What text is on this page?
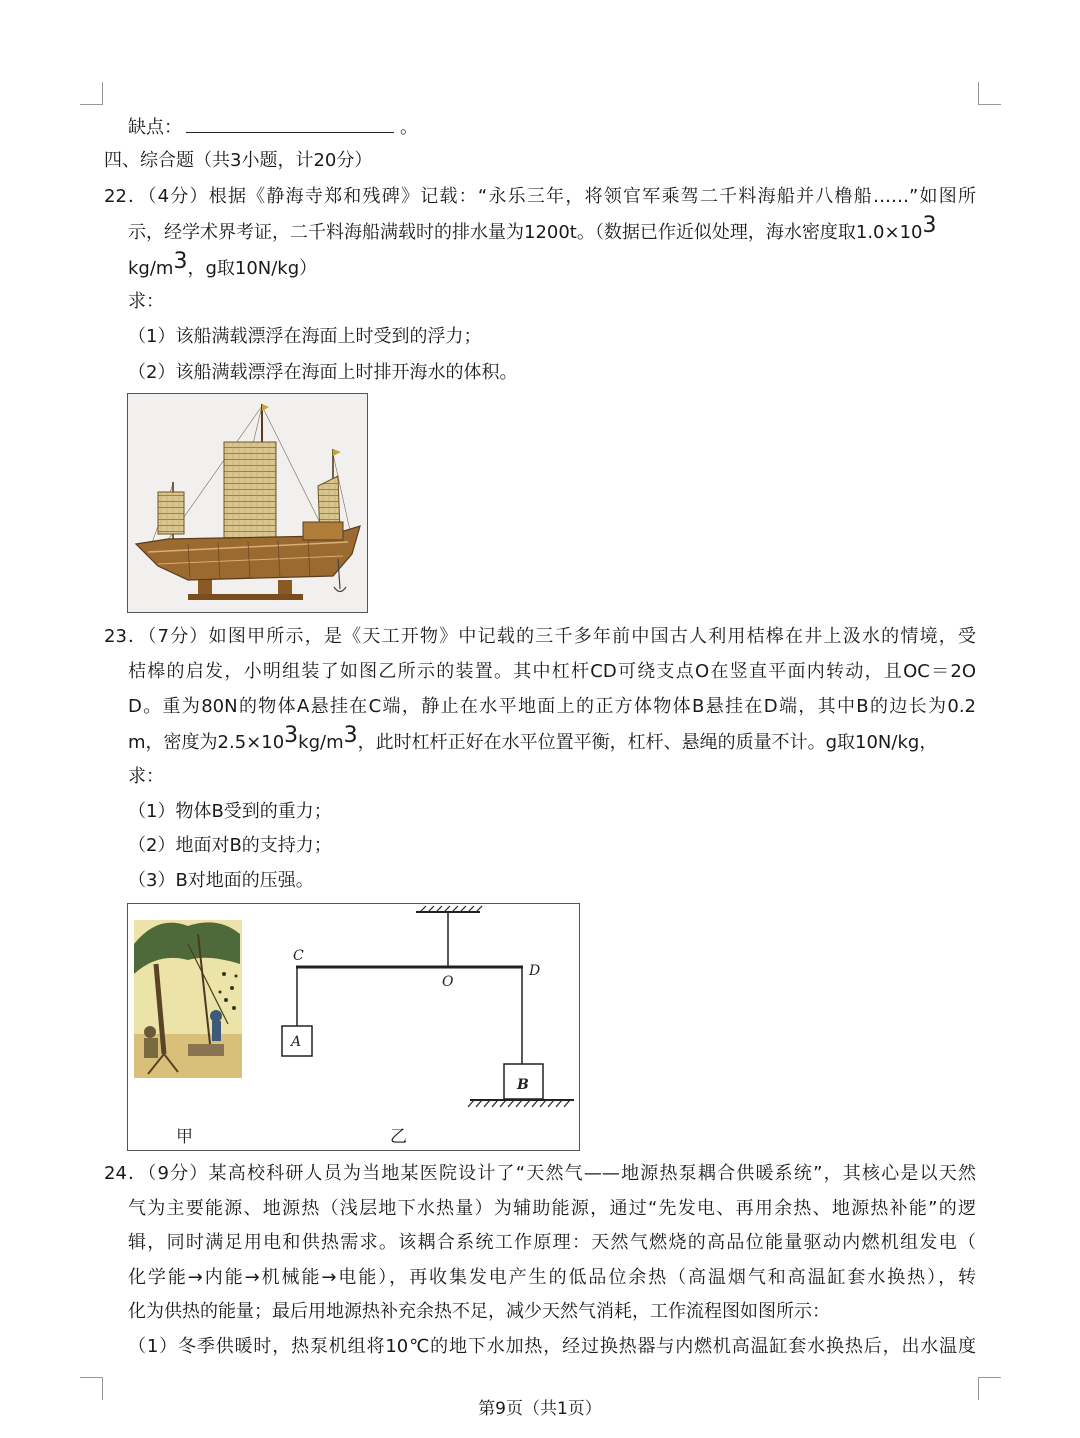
缺点：	。
四、综合题（共3小题，计20分）
22．（4分）根据《静海寺郑和残碑》记载：“永乐三年，将领官军乘驾二千料海船并八橹船……”如图所
示，经学术界考证，二千料海船满载时的排水量为1200t。（数据已作近似处理，海水密度取$1.0\times 10^3$
$kg/m^3$，g取10N/kg）
求：
（1）该船满载漂浮在海面上时受到的浮力；
（2）该船满载漂浮在海面上时排开海水的体积。
23．（7分）如图甲所示，是《天工开物》中记载的三千多年前中国古人利用桔槔在井上汲水的情境，受
桔槔的启发，小明组装了如图乙所示的装置。其中杠杆CD可绕支点O在竖直平面内转动，且OC＝2O
D。重为80N的物体A悬挂在C端，静止在水平地面上的正方体物体B悬挂在D端，其中B的边长为0.2
m，密度为$2.5\times 10^3kg/m^3$，此时杠杆正好在水平位置平衡，杠杆、悬绳的质量不计。g取10N/kg，
求：
（1）物体B受到的重力；
（2）地面对B的支持力；
（3）B对地面的压强。
C
O
D
A
B
甲	乙
24．（9分）某高校科研人员为当地某医院设计了“天然气——地源热泵耦合供暖系统”，其核心是以天然
气为主要能源、地源热（浅层地下水热量）为辅助能源，通过“先发电、再用余热、地源热补能”的逻
辑，同时满足用电和供热需求。该耦合系统工作原理：天然气燃烧的高品位能量驱动内燃机组发电（
化学能→内能→机械能→电能），再收集发电产生的低品位余热（高温烟气和高温缸套水换热），转
化为供热的能量；最后用地源热补充余热不足，减少天然气消耗，工作流程图如图所示：
（1）冬季供暖时，热泵机组将10℃的地下水加热，经过换热器与内燃机高温缸套水换热后，出水温度
第9页（共1页）
